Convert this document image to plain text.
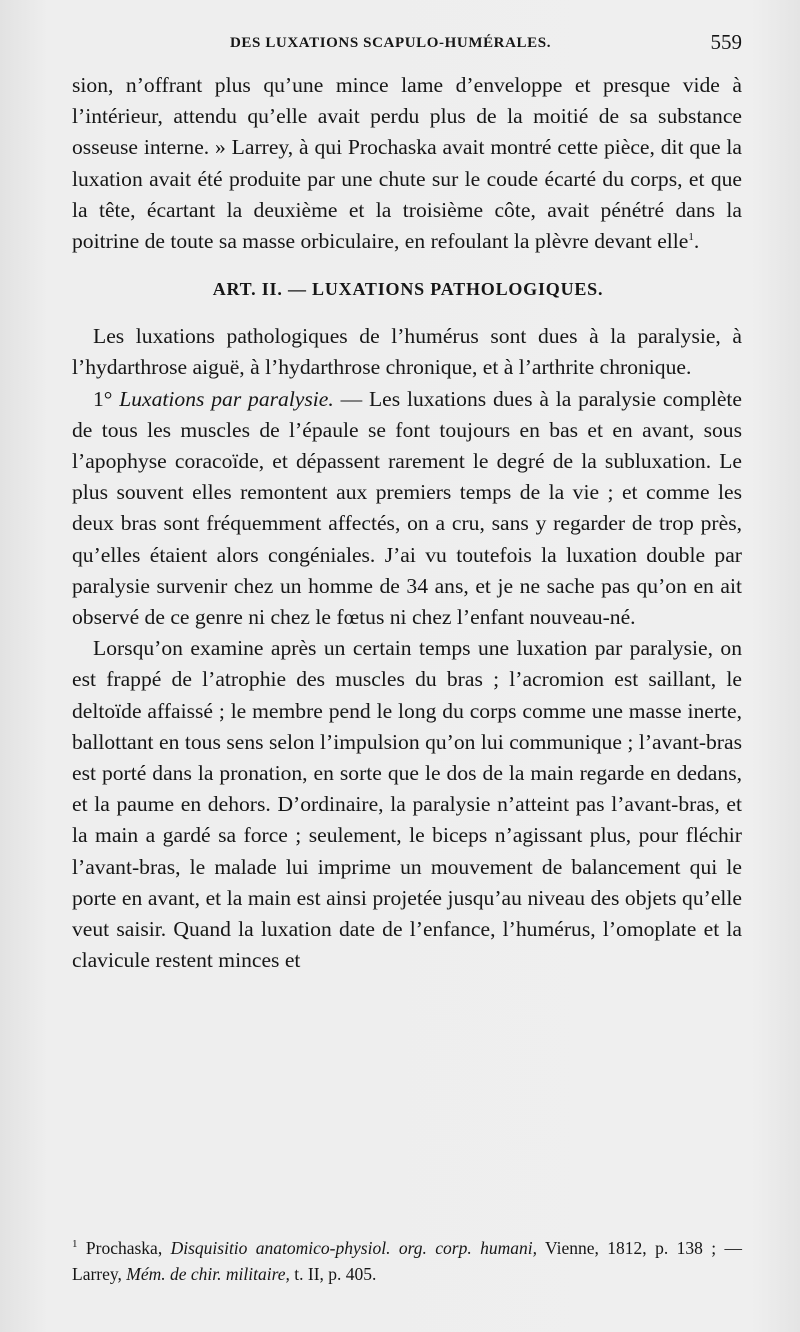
DES LUXATIONS SCAPULO-HUMÉRALES.	559

sion, n’offrant plus qu’une mince lame d’enveloppe et presque vide à l’intérieur, attendu qu’elle avait perdu plus de la moitié de sa substance osseuse interne. » Larrey, à qui Prochaska avait montré cette pièce, dit que la luxation avait été produite par une chute sur le coude écarté du corps, et que la tête, écartant la deuxième et la troisième côte, avait pénétré dans la poitrine de toute sa masse orbiculaire, en refoulant la plèvre devant elle$^1$.

ART. II. — LUXATIONS PATHOLOGIQUES.

Les luxations pathologiques de l’humérus sont dues à la paralysie, à l’hydarthrose aiguë, à l’hydarthrose chronique, et à l’arthrite chronique.

1° Luxations par paralysie. — Les luxations dues à la paralysie complète de tous les muscles de l’épaule se font toujours en bas et en avant, sous l’apophyse coracoïde, et dépassent rarement le degré de la subluxation. Le plus souvent elles remontent aux premiers temps de la vie ; et comme les deux bras sont fréquemment affectés, on a cru, sans y regarder de trop près, qu’elles étaient alors congéniales. J’ai vu toutefois la luxation double par paralysie survenir chez un homme de 34 ans, et je ne sache pas qu’on en ait observé de ce genre ni chez le fœtus ni chez l’enfant nouveau-né.

Lorsqu’on examine après un certain temps une luxation par paralysie, on est frappé de l’atrophie des muscles du bras ; l’acromion est saillant, le deltoïde affaissé ; le membre pend le long du corps comme une masse inerte, ballottant en tous sens selon l’impulsion qu’on lui communique ; l’avant-bras est porté dans la pronation, en sorte que le dos de la main regarde en dedans, et la paume en dehors. D’ordinaire, la paralysie n’atteint pas l’avant-bras, et la main a gardé sa force ; seulement, le biceps n’agissant plus, pour fléchir l’avant-bras, le malade lui imprime un mouvement de balancement qui le porte en avant, et la main est ainsi projetée jusqu’au niveau des objets qu’elle veut saisir. Quand la luxation date de l’enfance, l’humérus, l’omoplate et la clavicule restent minces et

$^1$ Prochaska, Disquisitio anatomico-physiol. org. corp. humani, Vienne, 1812, p. 138 ; — Larrey, Mém. de chir. militaire, t. II, p. 405.
